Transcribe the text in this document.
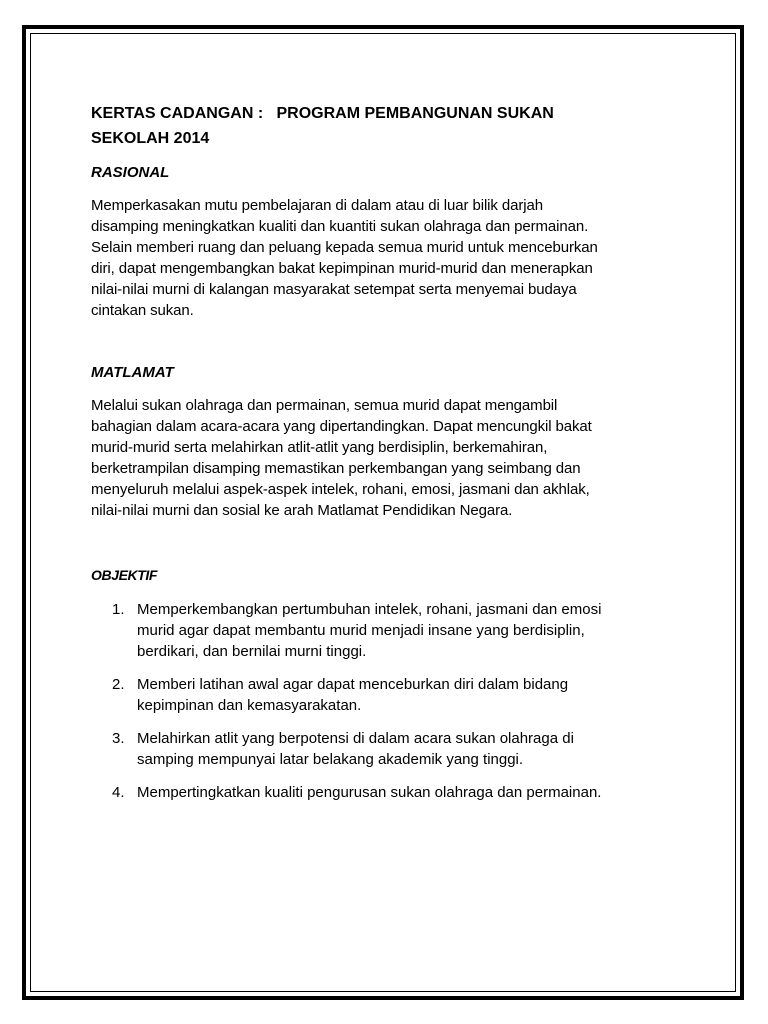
KERTAS CADANGAN :   PROGRAM PEMBANGUNAN SUKAN
SEKOLAH 2014
RASIONAL

Memperkasakan mutu pembelajaran di dalam atau di luar bilik darjah
disamping meningkatkan kualiti dan kuantiti sukan olahraga dan permainan.
Selain memberi ruang dan peluang kepada semua murid untuk menceburkan
diri, dapat mengembangkan bakat kepimpinan murid-murid dan menerapkan
nilai-nilai murni di kalangan masyarakat setempat serta menyemai budaya
cintakan sukan.

MATLAMAT

Melalui sukan olahraga dan permainan, semua murid dapat mengambil
bahagian dalam acara-acara yang dipertandingkan. Dapat mencungkil bakat
murid-murid serta melahirkan atlit-atlit yang berdisiplin, berkemahiran,
berketrampilan disamping memastikan perkembangan yang seimbang dan
menyeluruh melalui aspek-aspek intelek, rohani, emosi, jasmani dan akhlak,
nilai-nilai murni dan sosial ke arah Matlamat Pendidikan Negara.

OBJEKTIF
1. Memperkembangkan pertumbuhan intelek, rohani, jasmani dan emosi
murid agar dapat membantu murid menjadi insane yang berdisiplin,
berdikari, dan bernilai murni tinggi.
2. Memberi latihan awal agar dapat menceburkan diri dalam bidang
kepimpinan dan kemasyarakatan.
3. Melahirkan atlit yang berpotensi di dalam acara sukan olahraga di
samping mempunyai latar belakang akademik yang tinggi.
4. Mempertingkatkan kualiti pengurusan sukan olahraga dan permainan.
